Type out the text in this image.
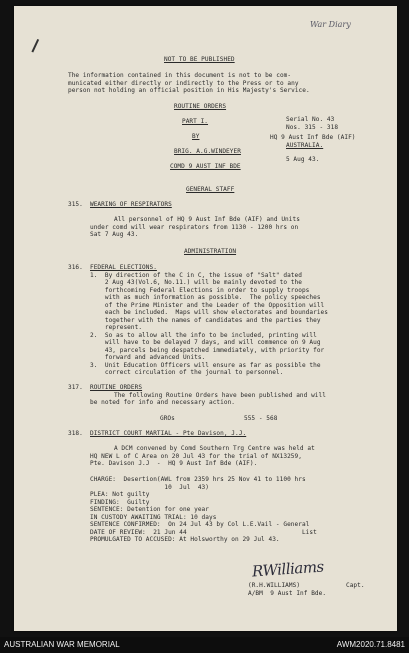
War Diary
NOT TO BE PUBLISHED
The information contained in this document is not to be com-
municated either directly or indirectly to the Press or to any
person not holding an official position in His Majesty's Service.
ROUTINE ORDERS
PART I.
BY
BRIG. A.G.WINDEYER
COMD 9 AUST INF BDE
Serial No. 43
Nos. 315 - 318
HQ 9 Aust Inf Bde (AIF)
AUSTRALIA.
5 Aug 43.
GENERAL STAFF
315. WEARING OF RESPIRATORS
All personnel of HQ 9 Aust Inf Bde (AIF) and Units
under comd will wear respirators from 1130 - 1200 hrs on
Sat 7 Aug 43.
ADMINISTRATION
316. FEDERAL ELECTIONS.
1.  By direction of the C in C, the issue of "Salt" dated
2 Aug 43(Vol.6, No.11.) will be mainly devoted to the
forthcoming Federal Elections in order to supply troops
with as much information as possible.  The policy speeches
of the Prime Minister and the Leader of the Opposition will
each be included.  Maps will show electorates and boundaries
together with the names of candidates and the parties they
represent.
2.  So as to allow all the info to be included, printing will
will have to be delayed 7 days, and will commence on 9 Aug
43, parcels being despatched immediately, with priority for
forward and advanced Units.
3.  Unit Education Officers will ensure as far as possible the
correct circulation of the journal to personnel.
317. ROUTINE ORDERS
The following Routine Orders have been published and will
be noted for info and necessary action.
GROs	555 - 568
318. DISTRICT COURT MARTIAL - Pte Davison, J.J.
A DCM convened by Comd Southern Trg Centre was held at
HQ NEW L of C Area on 20 Jul 43 for the trial of NX13259,
Pte. Davison J.J  -  HQ 9 Aust Inf Bde (AIF).
CHARGE:  Desertion(AWL from 2359 hrs 25 Nov 41 to 1100 hrs
10  Jul  43)
PLEA: Not guilty
FINDING:  Guilty
SENTENCE: Detention for one year
IN CUSTODY AWAITING TRIAL: 10 days
SENTENCE CONFIRMED:  On 24 Jul 43 by Col L.E.Vail - General
DATE OF REVIEW:  21 Jun 44                               List
PROMULGATED TO ACCUSED: At Holsworthy on 29 Jul 43.
RWilliams
(R.H.WILLIAMS)	Capt.
A/BM  9 Aust Inf Bde.
AUSTRALIAN WAR MEMORIAL	AWM2020.71.8481
